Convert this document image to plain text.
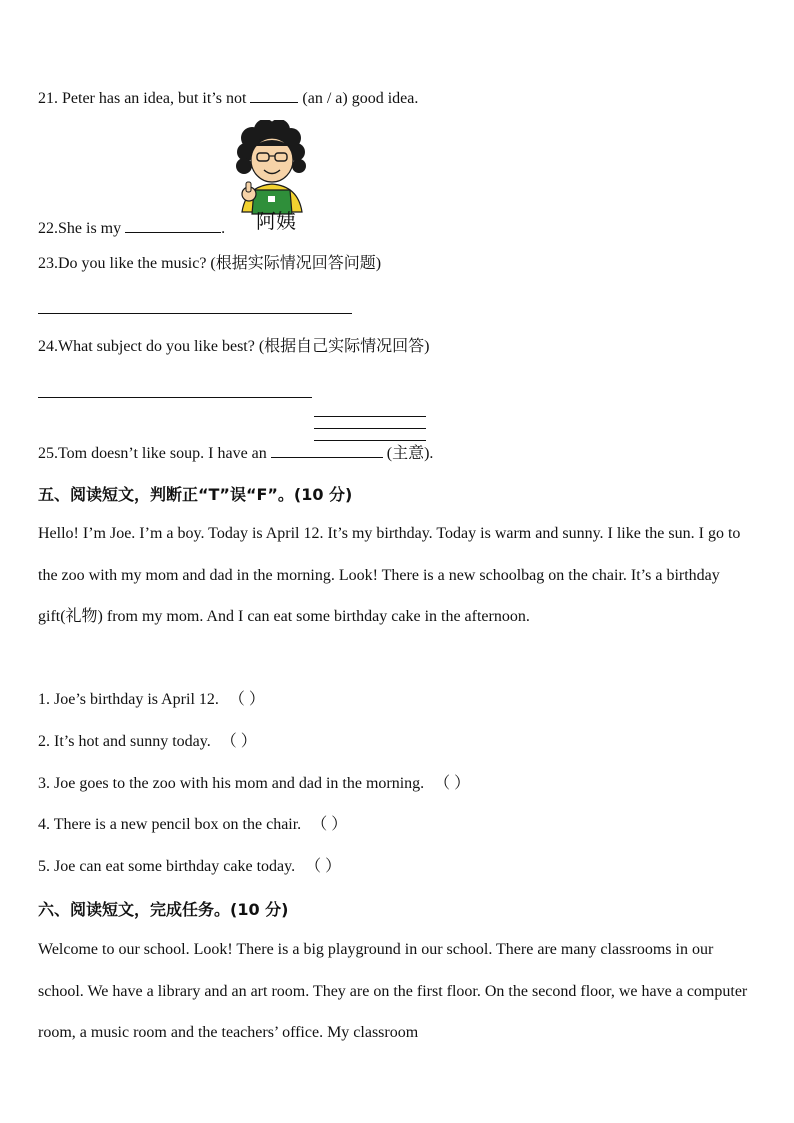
21. Peter has an idea, but it’s not	(an / a) good idea.
阿姨
22.She is my	.
23.Do you like the music? (根据实际情况回答问题)
24.What subject do you like best? (根据自己实际情况回答)
25.Tom doesn’t like soup. I have an	(主意).
五、阅读短文，判断正“T”误“F”。(10 分)
Hello! I’m Joe. I’m a boy. Today is April 12. It’s my birthday. Today is warm and sunny. I like the sun. I go to the zoo with my mom and dad in the morning. Look! There is a new schoolbag on the chair. It’s a birthday gift(礼物) from my mom. And I can eat some birthday cake in the afternoon.
1. Joe’s birthday is April 12. （ ）
2. It’s hot and sunny today. （ ）
3. Joe goes to the zoo with his mom and dad in the morning. （ ）
4. There is a new pencil box on the chair. （ ）
5. Joe can eat some birthday cake today. （ ）
六、阅读短文，完成任务。(10 分)
Welcome to our school. Look! There is a big playground in our school. There are many classrooms in our school. We have a library and an art room. They are on the first floor. On the second floor, we have a computer room, a music room and the teachers’ office. My classroom
